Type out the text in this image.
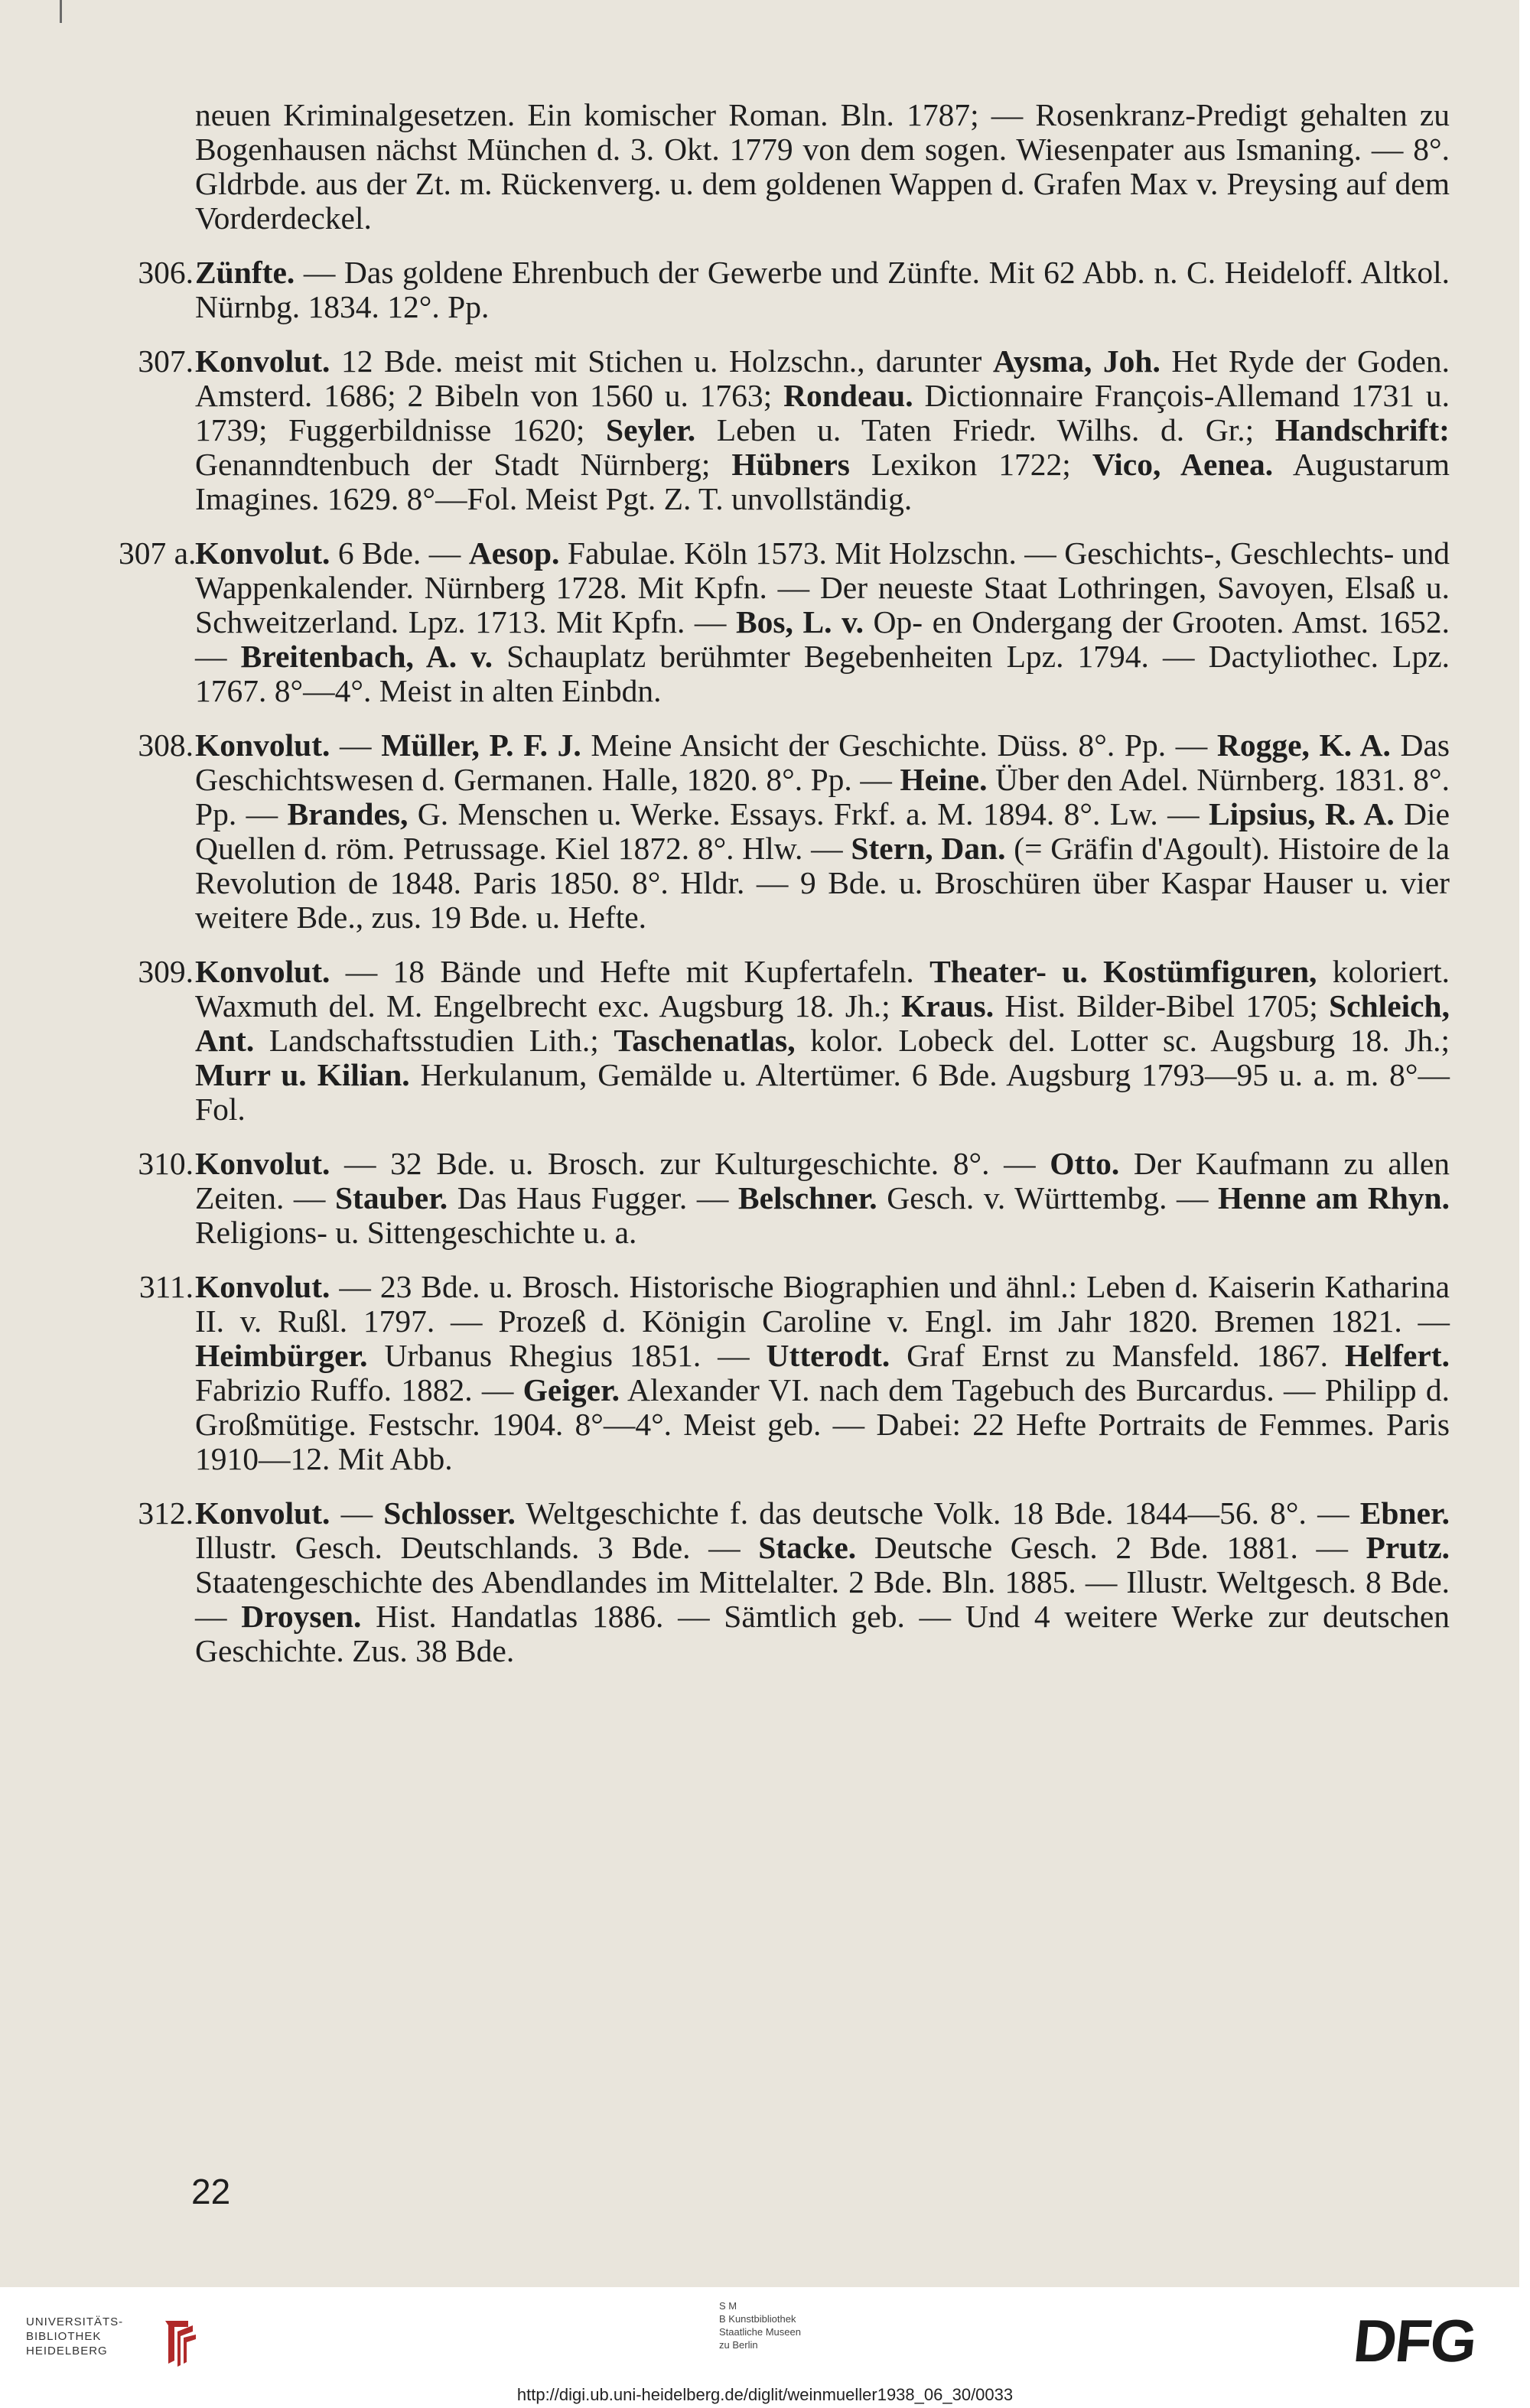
neuen Kriminalgesetzen. Ein komischer Roman. Bln. 1787; — Rosenkranz-Predigt gehalten zu Bogenhausen nächst München d. 3. Okt. 1779 von dem sogen. Wiesenpater aus Ismaning. — 8°. Gldrbde. aus der Zt. m. Rückenverg. u. dem goldenen Wappen d. Grafen Max v. Preysing auf dem Vorderdeckel.

306. Zünfte. — Das goldene Ehrenbuch der Gewerbe und Zünfte. Mit 62 Abb. n. C. Heideloff. Altkol. Nürnbg. 1834. 12°. Pp.

307. Konvolut. 12 Bde. meist mit Stichen u. Holzschn., darunter Aysma, Joh. Het Ryde der Goden. Amsterd. 1686; 2 Bibeln von 1560 u. 1763; Rondeau. Dictionnaire François-Allemand 1731 u. 1739; Fuggerbildnisse 1620; Seyler. Leben u. Taten Friedr. Wilhs. d. Gr.; Handschrift: Genanndtenbuch der Stadt Nürnberg; Hübners Lexikon 1722; Vico, Aenea. Augustarum Imagines. 1629. 8°—Fol. Meist Pgt. Z. T. unvollständig.

307 a.

Konvolut. 6 Bde. — Aesop. Fabulae. Köln 1573. Mit Holzschn. — Geschichts-, Geschlechts- und Wappenkalender. Nürnberg 1728. Mit Kpfn. — Der neueste Staat Lothringen, Savoyen, Elsaß u. Schweitzerland. Lpz. 1713. Mit Kpfn. — Bos, L. v. Op- en Ondergang der Grooten. Amst. 1652. — Breitenbach, A. v. Schauplatz berühmter Begebenheiten Lpz. 1794. — Dactyliothec. Lpz. 1767. 8°—4°. Meist in alten Einbdn.

308. Konvolut. — Müller, P. F. J. Meine Ansicht der Geschichte. Düss. 8°. Pp. — Rogge, K. A. Das Geschichtswesen d. Germanen. Halle, 1820. 8°. Pp. — Heine. Über den Adel. Nürnberg. 1831. 8°. Pp. — Brandes, G. Menschen u. Werke. Essays. Frkf. a. M. 1894. 8°. Lw. — Lipsius, R. A. Die Quellen d. röm. Petrussage. Kiel 1872. 8°. Hlw. — Stern, Dan. (= Gräfin d'Agoult). Histoire de la Revolution de 1848. Paris 1850. 8°. Hldr. — 9 Bde. u. Broschüren über Kaspar Hauser u. vier weitere Bde., zus. 19 Bde. u. Hefte.

309. Konvolut. — 18 Bände und Hefte mit Kupfertafeln. Theater- u. Kostümfiguren, koloriert. Waxmuth del. M. Engelbrecht exc. Augsburg 18. Jh.; Kraus. Hist. Bilder-Bibel 1705; Schleich, Ant. Landschaftsstudien Lith.; Taschenatlas, kolor. Lobeck del. Lotter sc. Augsburg 18. Jh.; Murr u. Kilian. Herkulanum, Gemälde u. Altertümer. 6 Bde. Augsburg 1793—95 u. a. m. 8°—Fol.

310. Konvolut. — 32 Bde. u. Brosch. zur Kulturgeschichte. 8°. — Otto. Der Kaufmann zu allen Zeiten. — Stauber. Das Haus Fugger. — Belschner. Gesch. v. Württembg. — Henne am Rhyn. Religions- u. Sittengeschichte u. a.

311. Konvolut. — 23 Bde. u. Brosch. Historische Biographien und ähnl.: Leben d. Kaiserin Katharina II. v. Rußl. 1797. — Prozeß d. Königin Caroline v. Engl. im Jahr 1820. Bremen 1821. — Heimbürger. Urbanus Rhegius 1851. — Utterodt. Graf Ernst zu Mansfeld. 1867. Helfert. Fabrizio Ruffo. 1882. — Geiger. Alexander VI. nach dem Tagebuch des Burcardus. — Philipp d. Großmütige. Festschr. 1904. 8°—4°. Meist geb. — Dabei: 22 Hefte Portraits de Femmes. Paris 1910—12. Mit Abb.

312. Konvolut. — Schlosser. Weltgeschichte f. das deutsche Volk. 18 Bde. 1844—56. 8°. — Ebner. Illustr. Gesch. Deutschlands. 3 Bde. — Stacke. Deutsche Gesch. 2 Bde. 1881. — Prutz. Staatengeschichte des Abendlandes im Mittelalter. 2 Bde. Bln. 1885. — Illustr. Weltgesch. 8 Bde. — Droysen. Hist. Handatlas 1886. — Sämtlich geb. — Und 4 weitere Werke zur deutschen Geschichte. Zus. 38 Bde.

22
UNIVERSITÄTS-
BIBLIOTHEK
HEIDELBERG
S M
B Kunstbibliothek
Staatliche Museen
zu Berlin	DFG
http://digi.ub.uni-heidelberg.de/diglit/weinmueller1938_06_30/0033
